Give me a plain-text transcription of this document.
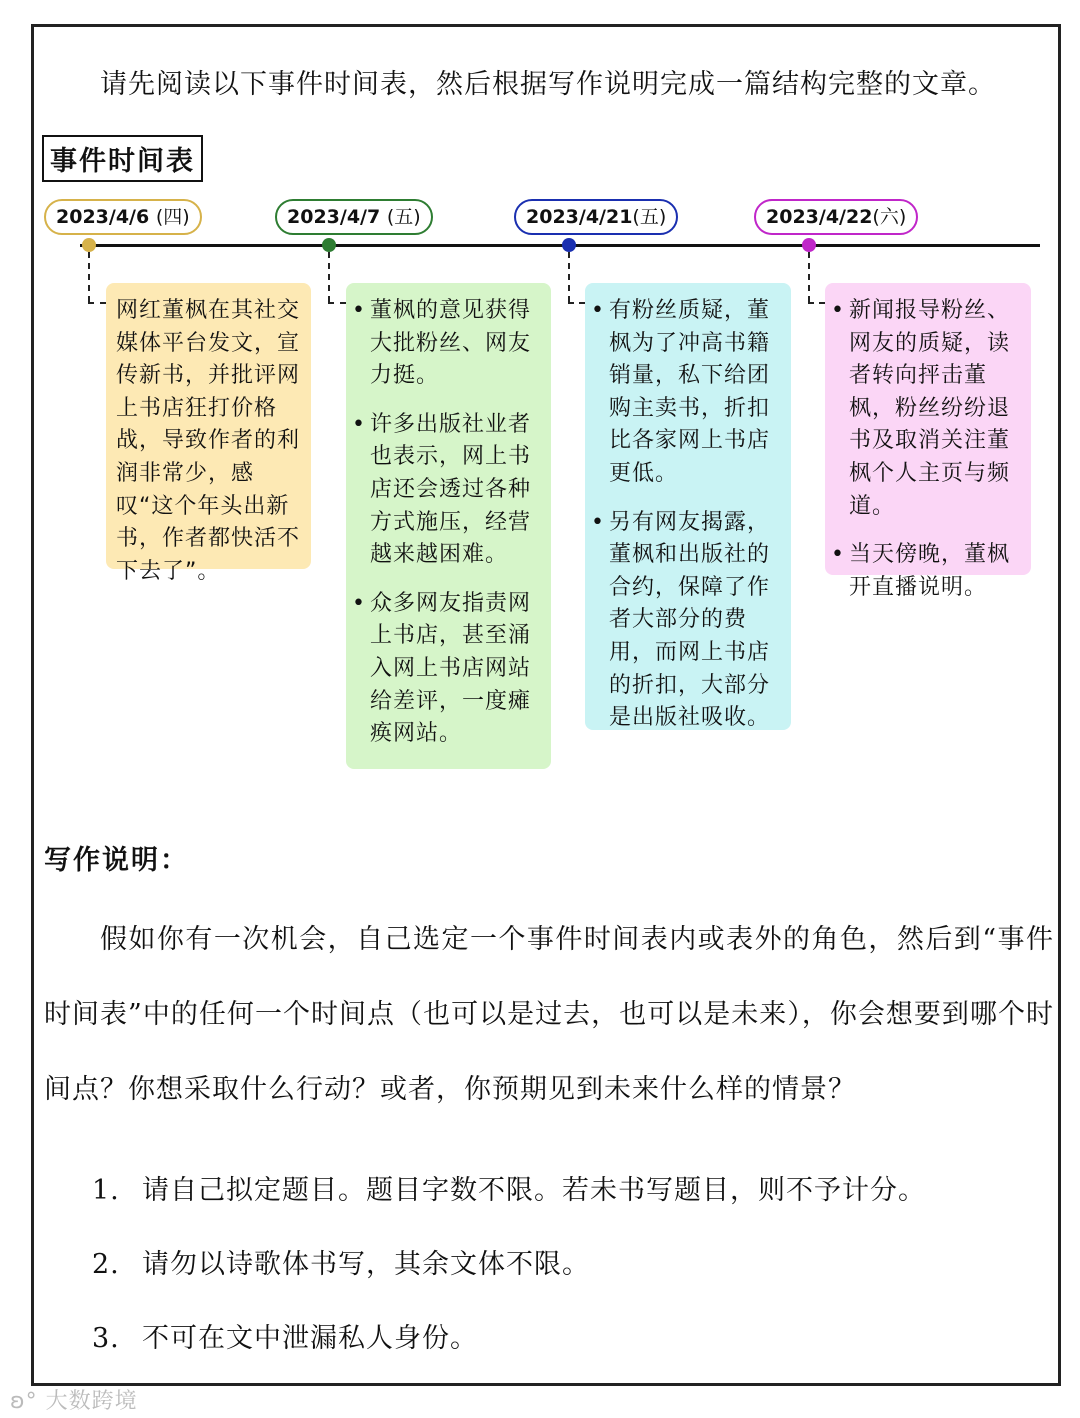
请先阅读以下事件时间表，然后根据写作说明完成一篇结构完整的文章。
事件时间表
2023/4/6 (四)

网红董枫在其社交媒体平台发文，宣传新书，并批评网上书店狂打价格战，导致作者的利润非常少，感叹“这个年头出新书，作者都快活不下去了”。

2023/4/7 (五)
• 董枫的意见获得大批粉丝、网友力挺。
• 许多出版社业者也表示，网上书店还会透过各种方式施压，经营越来越困难。
• 众多网友指责网上书店，甚至涌入网上书店网站给差评，一度瘫痪网站。
2023/4/21(五)
• 有粉丝质疑，董枫为了冲高书籍销量，私下给团购主卖书，折扣比各家网上书店更低。
• 另有网友揭露，董枫和出版社的合约，保障了作者大部分的费用，而网上书店的折扣，大部分是出版社吸收。
2023/4/22(六)
• 新闻报导粉丝、网友的质疑，读者转向抨击董枫，粉丝纷纷退书及取消关注董枫个人主页与频道。
• 当天傍晚，董枫开直播说明。
写作说明：
假如你有一次机会，自己选定一个事件时间表内或表外的角色，然后到“事件时间表”中的任何一个时间点（也可以是过去，也可以是未来），你会想要到哪个时间点？你想采取什么行动？或者，你预期见到未来什么样的情景？
1. 请自己拟定题目。题目字数不限。若未书写题目，则不予计分。
2. 请勿以诗歌体书写，其余文体不限。
3. 不可在文中泄漏私人身份。
ʚ° 大数跨境
